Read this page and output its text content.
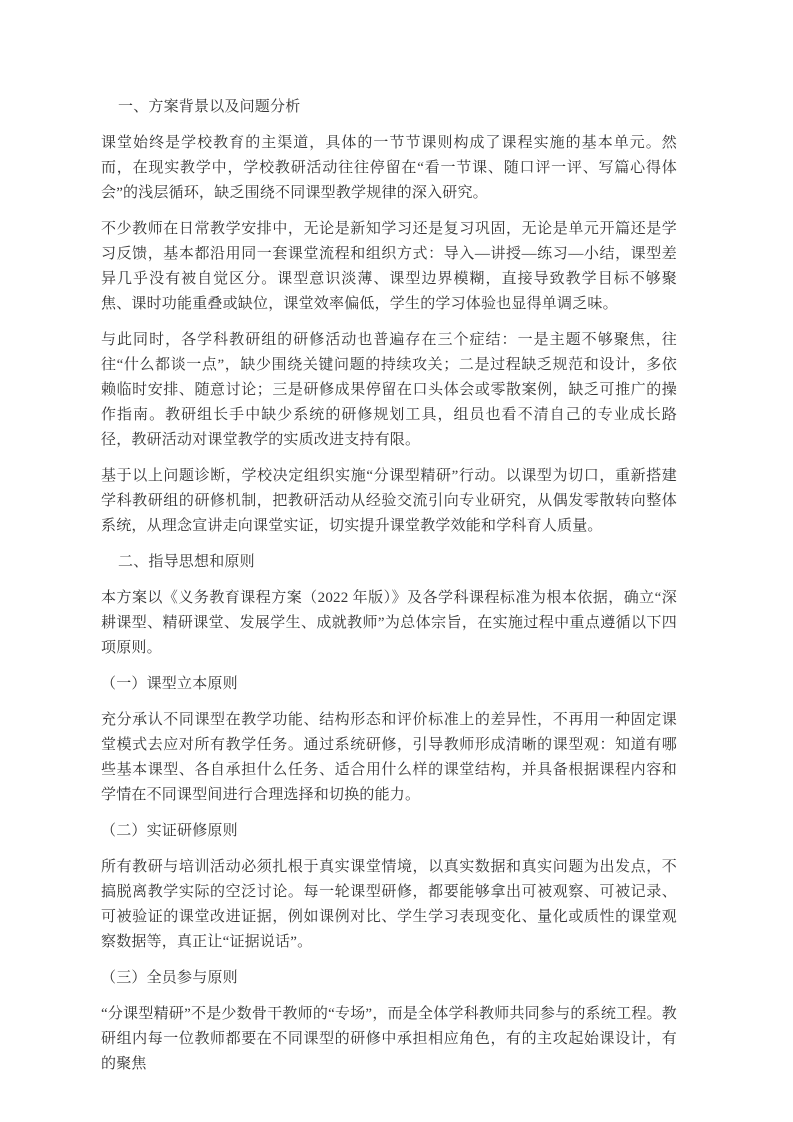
一、方案背景以及问题分析
课堂始终是学校教育的主渠道，具体的一节节课则构成了课程实施的基本单元。然而，在现实教学中，学校教研活动往往停留在“看一节课、随口评一评、写篇心得体会”的浅层循环，缺乏围绕不同课型教学规律的深入研究。
不少教师在日常教学安排中，无论是新知学习还是复习巩固，无论是单元开篇还是学习反馈，基本都沿用同一套课堂流程和组织方式：导入—讲授—练习—小结，课型差异几乎没有被自觉区分。课型意识淡薄、课型边界模糊，直接导致教学目标不够聚焦、课时功能重叠或缺位，课堂效率偏低，学生的学习体验也显得单调乏味。
与此同时，各学科教研组的研修活动也普遍存在三个症结：一是主题不够聚焦，往往“什么都谈一点”，缺少围绕关键问题的持续攻关；二是过程缺乏规范和设计，多依赖临时安排、随意讨论；三是研修成果停留在口头体会或零散案例，缺乏可推广的操作指南。教研组长手中缺少系统的研修规划工具，组员也看不清自己的专业成长路径，教研活动对课堂教学的实质改进支持有限。
基于以上问题诊断，学校决定组织实施“分课型精研”行动。以课型为切口，重新搭建学科教研组的研修机制，把教研活动从经验交流引向专业研究，从偶发零散转向整体系统，从理念宣讲走向课堂实证，切实提升课堂教学效能和学科育人质量。
二、指导思想和原则
本方案以《义务教育课程方案（2022 年版）》及各学科课程标准为根本依据，确立“深耕课型、精研课堂、发展学生、成就教师”为总体宗旨，在实施过程中重点遵循以下四项原则。
（一）课型立本原则
充分承认不同课型在教学功能、结构形态和评价标准上的差异性，不再用一种固定课堂模式去应对所有教学任务。通过系统研修，引导教师形成清晰的课型观：知道有哪些基本课型、各自承担什么任务、适合用什么样的课堂结构，并具备根据课程内容和学情在不同课型间进行合理选择和切换的能力。
（二）实证研修原则
所有教研与培训活动必须扎根于真实课堂情境，以真实数据和真实问题为出发点，不搞脱离教学实际的空泛讨论。每一轮课型研修，都要能够拿出可被观察、可被记录、可被验证的课堂改进证据，例如课例对比、学生学习表现变化、量化或质性的课堂观察数据等，真正让“证据说话”。
（三）全员参与原则
“分课型精研”不是少数骨干教师的“专场”，而是全体学科教师共同参与的系统工程。教研组内每一位教师都要在不同课型的研修中承担相应角色，有的主攻起始课设计，有的聚焦
